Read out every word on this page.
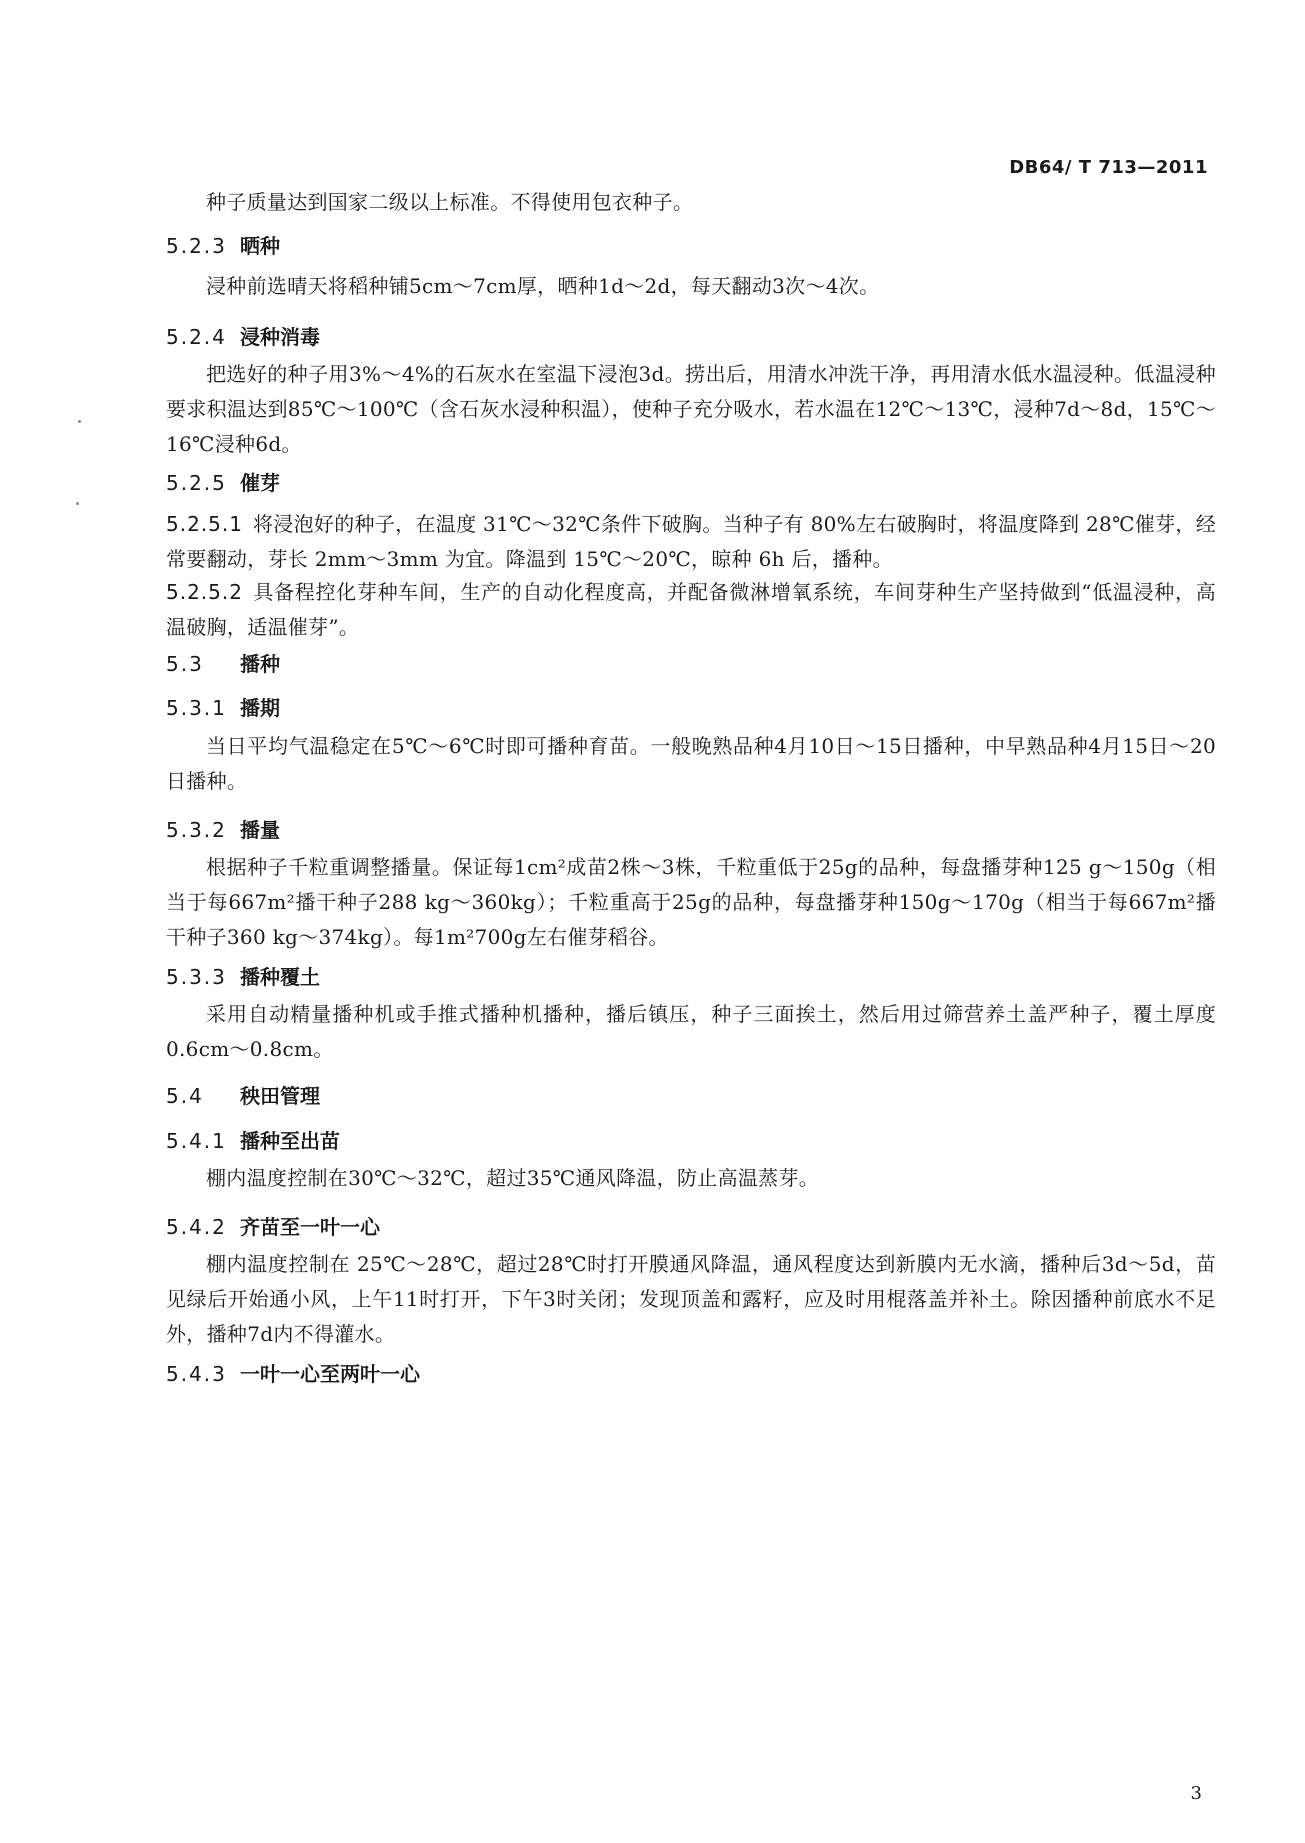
DB64/ T 713—2011
种子质量达到国家二级以上标准。不得使用包衣种子。
5.2.3 晒种
浸种前选晴天将稻种铺5cm～7cm厚，晒种1d～2d，每天翻动3次～4次。
5.2.4 浸种消毒
把选好的种子用3%～4%的石灰水在室温下浸泡3d。捞出后，用清水冲洗干净，再用清水低水温浸种。低温浸种要求积温达到85℃～100℃（含石灰水浸种积温），使种子充分吸水，若水温在12℃～13℃，浸种7d～8d，15℃～16℃浸种6d。
5.2.5 催芽
5.2.5.1 将浸泡好的种子，在温度 31℃～32℃条件下破胸。当种子有 80%左右破胸时，将温度降到 28℃催芽，经常要翻动，芽长 2mm～3mm 为宜。降温到 15℃～20℃，晾种 6h 后，播种。
5.2.5.2 具备程控化芽种车间，生产的自动化程度高，并配备微淋增氧系统，车间芽种生产坚持做到“低温浸种，高温破胸，适温催芽”。
5.3 播种
5.3.1 播期
当日平均气温稳定在5℃～6℃时即可播种育苗。一般晚熟品种4月10日～15日播种，中早熟品种4月15日～20日播种。
5.3.2 播量
根据种子千粒重调整播量。保证每1cm²成苗2株～3株，千粒重低于25g的品种，每盘播芽种125 g～150g（相当于每667m²播干种子288 kg～360kg）；千粒重高于25g的品种，每盘播芽种150g～170g（相当于每667m²播干种子360 kg～374kg）。每1m²700g左右催芽稻谷。
5.3.3 播种覆土
采用自动精量播种机或手推式播种机播种，播后镇压，种子三面挨土，然后用过筛营养土盖严种子，覆土厚度0.6cm～0.8cm。
5.4 秧田管理
5.4.1 播种至出苗
棚内温度控制在30℃～32℃，超过35℃通风降温，防止高温蒸芽。
5.4.2 齐苗至一叶一心
棚内温度控制在 25℃～28℃，超过28℃时打开膜通风降温，通风程度达到新膜内无水滴，播种后3d～5d，苗见绿后开始通小风，上午11时打开，下午3时关闭；发现顶盖和露籽，应及时用棍落盖并补土。除因播种前底水不足外，播种7d内不得灌水。
5.4.3 一叶一心至两叶一心
3
